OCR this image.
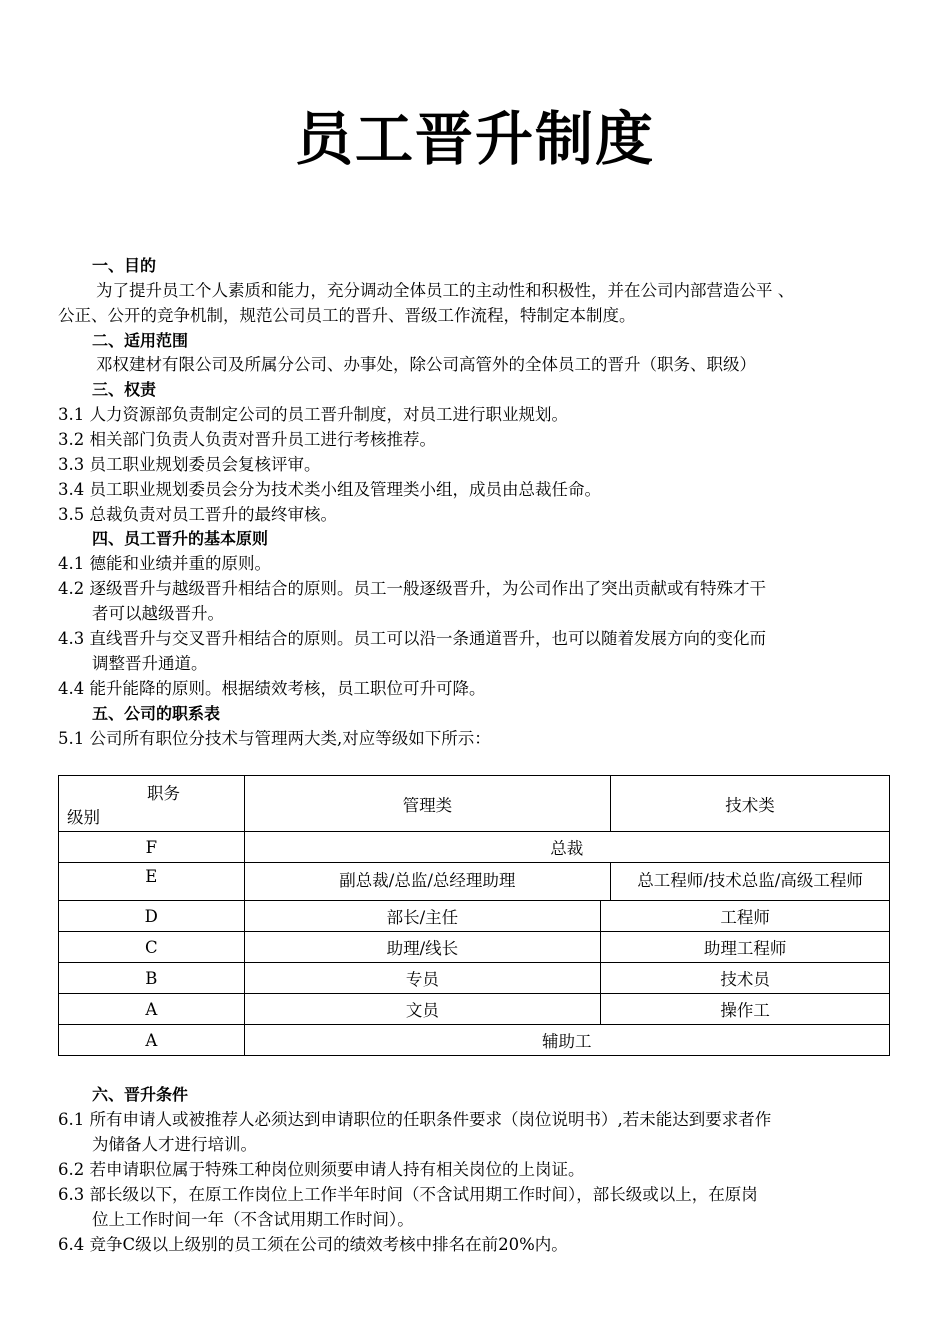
员工晋升制度
一、目的
为了提升员工个人素质和能力，充分调动全体员工的主动性和积极性，并在公司内部营造公平 、
公正、公开的竞争机制，规范公司员工的晋升、晋级工作流程，特制定本制度。
二、适用范围
邓权建材有限公司及所属分公司、办事处，除公司高管外的全体员工的晋升（职务、职级）
三、权责
3.1 人力资源部负责制定公司的员工晋升制度，对员工进行职业规划。
3.2 相关部门负责人负责对晋升员工进行考核推荐。
3.3 员工职业规划委员会复核评审。
3.4 员工职业规划委员会分为技术类小组及管理类小组，成员由总裁任命。
3.5 总裁负责对员工晋升的最终审核。
四、员工晋升的基本原则
4.1 德能和业绩并重的原则。
4.2 逐级晋升与越级晋升相结合的原则。员工一般逐级晋升，为公司作出了突出贡献或有特殊才干
者可以越级晋升。
4.3 直线晋升与交叉晋升相结合的原则。员工可以沿一条通道晋升，也可以随着发展方向的变化而
调整晋升通道。
4.4 能升能降的原则。根据绩效考核，员工职位可升可降。
五、公司的职系表
5.1 公司所有职位分技术与管理两大类,对应等级如下所示：
职务
级别	管理类		技术类
F	总裁		
E	副总裁/总监/总经理助理		总工程师/技术总监/高级工程师
D	部长/主任	工程师	
C	助理/线长	助理工程师	
B	专员	技术员	
A	文员	操作工	
A	辅助工		
六、晋升条件
6.1 所有申请人或被推荐人必须达到申请职位的任职条件要求（岗位说明书）,若未能达到要求者作
为储备人才进行培训。
6.2 若申请职位属于特殊工种岗位则须要申请人持有相关岗位的上岗证。
6.3 部长级以下，在原工作岗位上工作半年时间（不含试用期工作时间），部长级或以上，在原岗
位上工作时间一年（不含试用期工作时间）。
6.4 竞争C级以上级别的员工须在公司的绩效考核中排名在前20%内。
